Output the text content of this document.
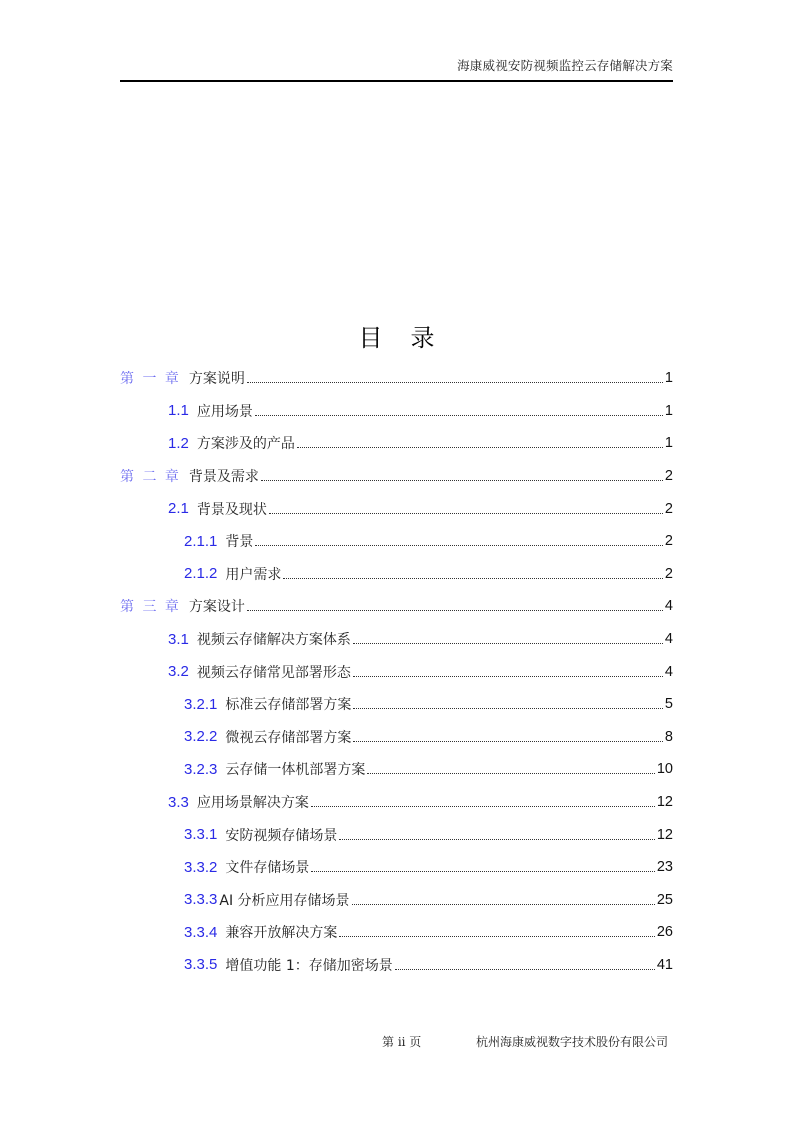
海康威视安防视频监控云存储解决方案
目 录
第 一 章 方案说明	1
1.1 应用场景	1
1.2 方案涉及的产品	1
第 二 章 背景及需求	2
2.1 背景及现状	2
2.1.1 背景	2
2.1.2 用户需求	2
第 三 章 方案设计	4
3.1 视频云存储解决方案体系	4
3.2 视频云存储常见部署形态	4
3.2.1 标准云存储部署方案	5
3.2.2 微视云存储部署方案	8
3.2.3 云存储一体机部署方案	10
3.3 应用场景解决方案	12
3.3.1 安防视频存储场景	12
3.3.2 文件存储场景	23
3.3.3 AI 分析应用存储场景	25
3.3.4 兼容开放解决方案	26
3.3.5 增值功能 1：存储加密场景	41
第 ii 页	杭州海康威视数字技术股份有限公司
